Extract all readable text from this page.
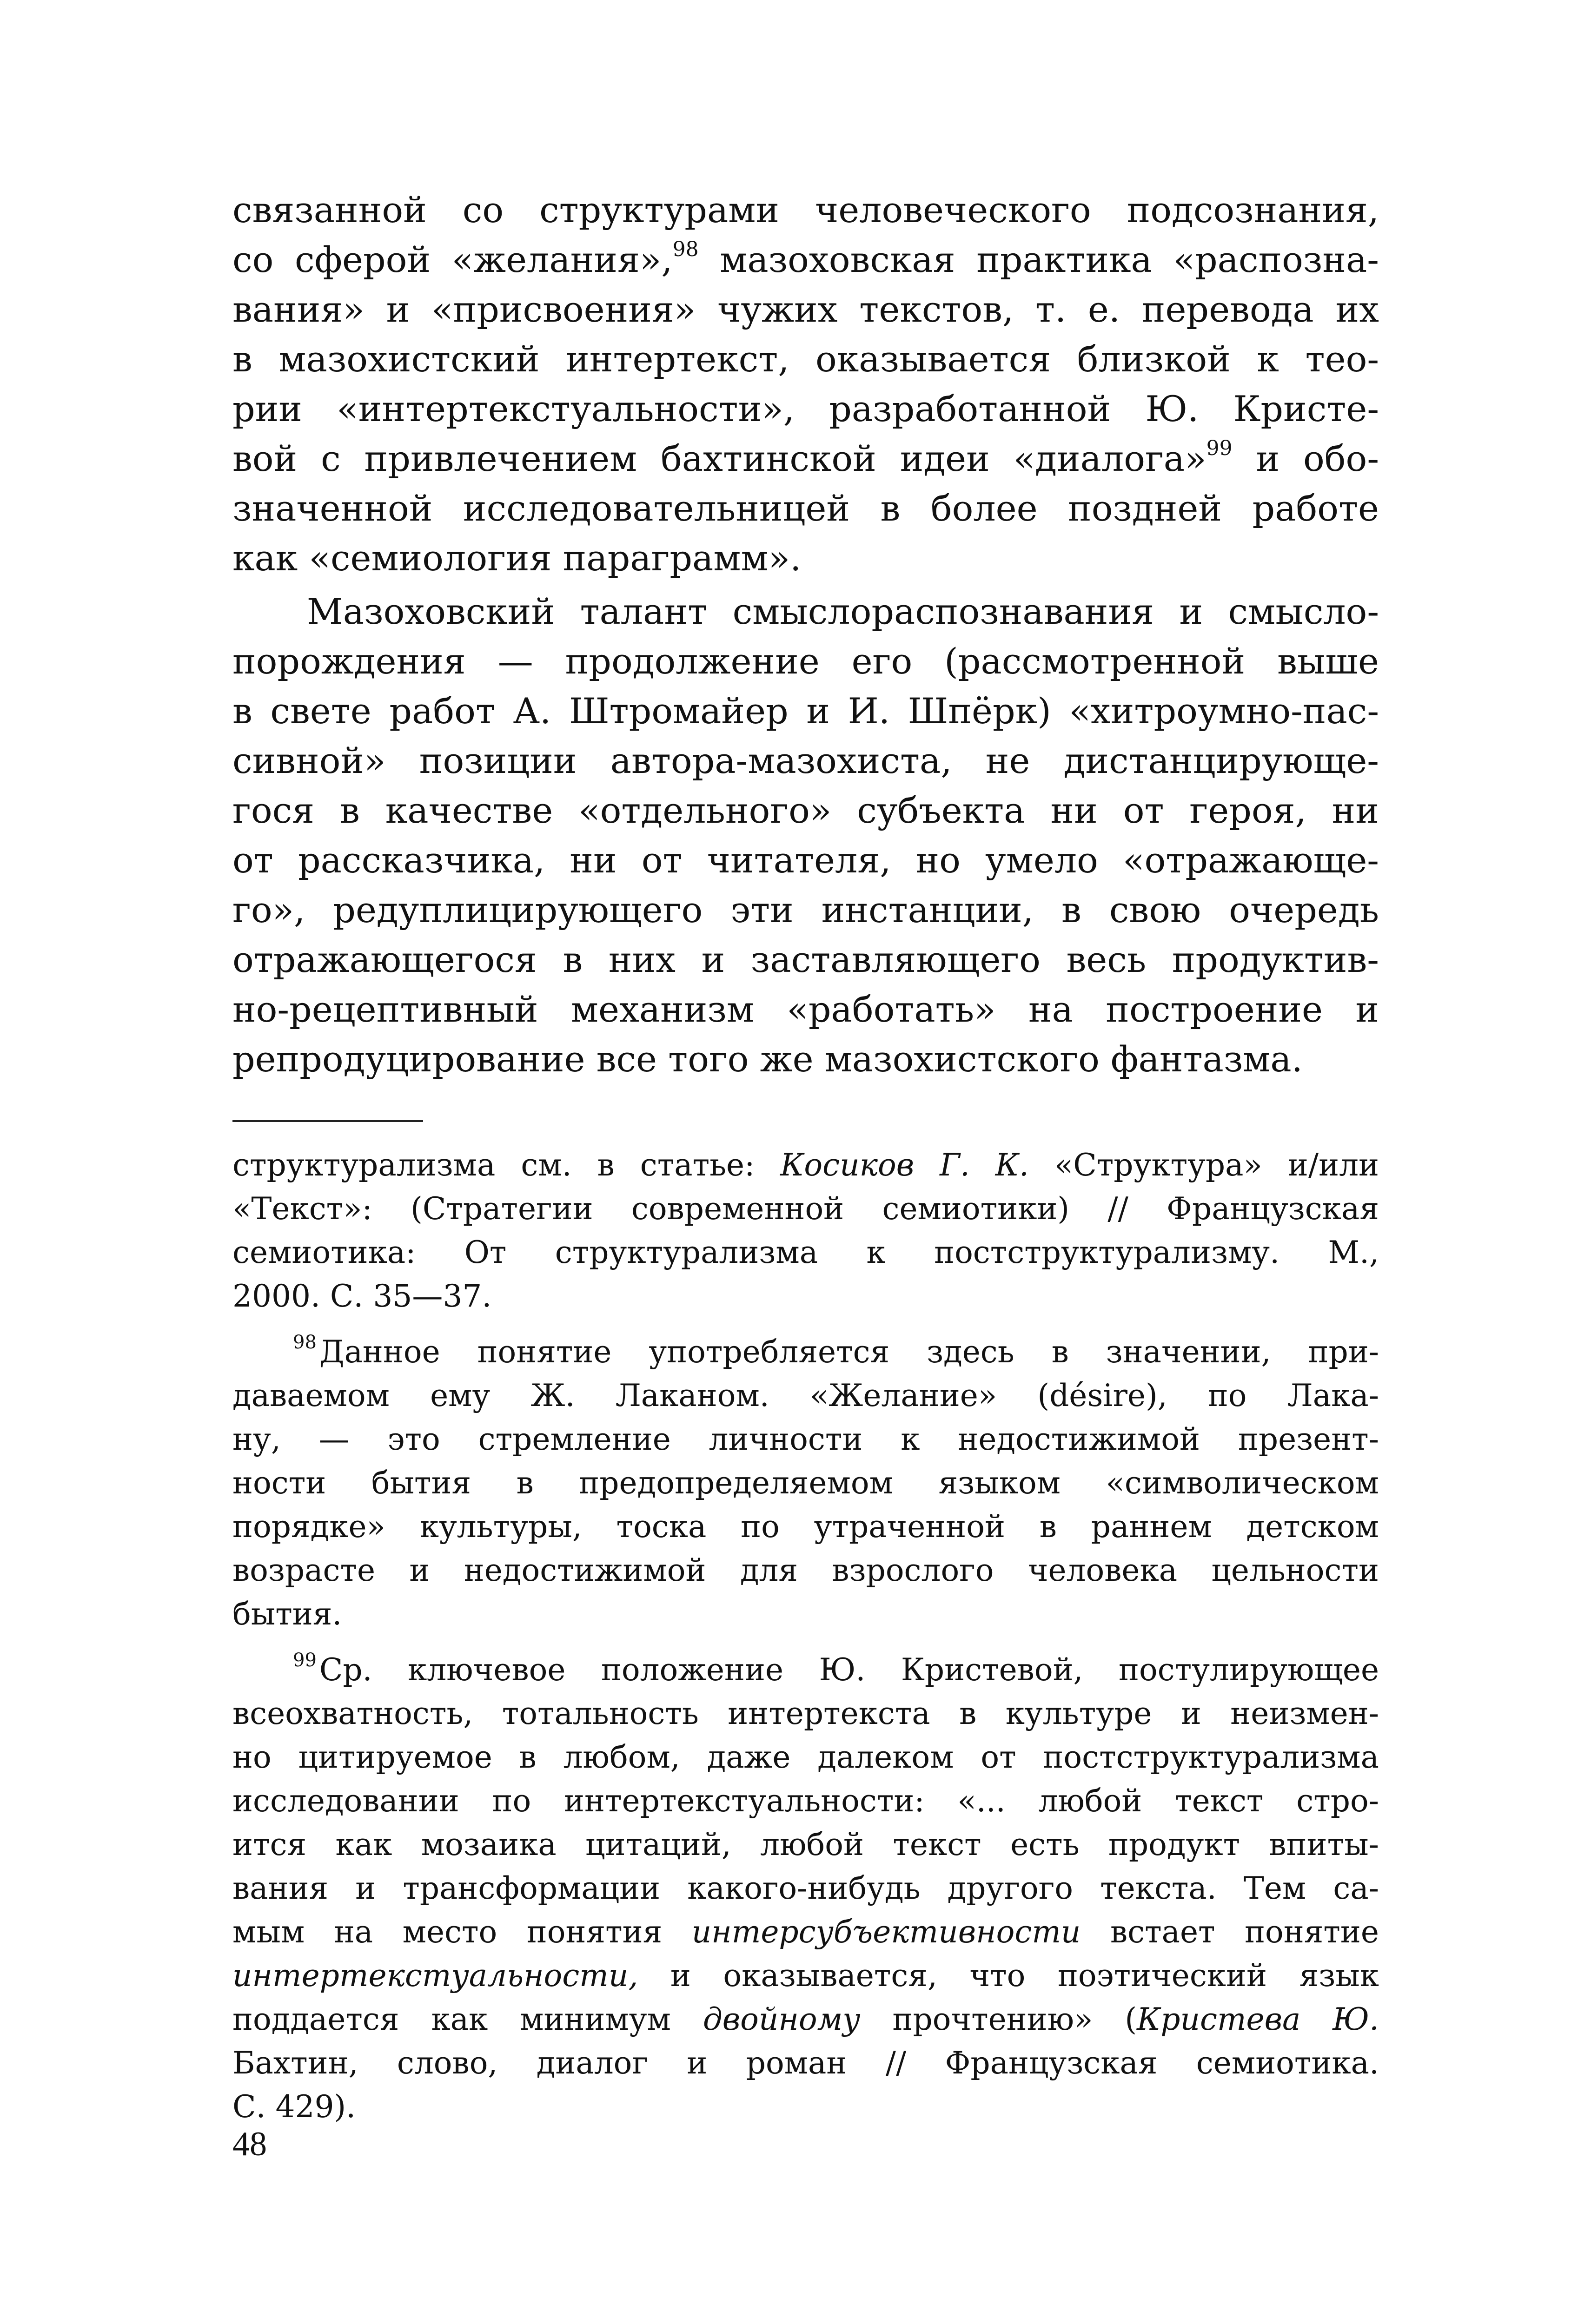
связанной со структурами человеческого подсознания,
со сферой «желания»,$^{98}$ мазоховская практика «распозна-
вания» и «присвоения» чужих текстов, т. е. перевода их
в мазохистский интертекст, оказывается близкой к тео-
рии «интертекстуальности», разработанной Ю. Кристе-
вой с привлечением бахтинской идеи «диалога»$^{99}$ и обо-
значенной исследовательницей в более поздней работе
как «семиология параграмм».
Мазоховский талант смыслораспознавания и смысло-
порождения — продолжение его (рассмотренной выше
в свете работ А. Штромайер и И. Шпёрк) «хитроумно-пас-
сивной» позиции автора-мазохиста, не дистанцирующе-
гося в качестве «отдельного» субъекта ни от героя, ни
от рассказчика, ни от читателя, но умело «отражающе-
го», редуплицирующего эти инстанции, в свою очередь
отражающегося в них и заставляющего весь продуктив-
но-рецептивный механизм «работать» на построение и
репродуцирование все того же мазохистского фантазма.
структурализма см. в статье: Косиков Г. К. «Структура» и/или
«Текст»: (Стратегии современной семиотики) // Французская
семиотика: От структурализма к постструктурализму. М.,
2000. С. 35—37.
$^{98}$Данное понятие употребляется здесь в значении, при-
даваемом ему Ж. Лаканом. «Желание» (désire), по Лака-
ну, — это стремление личности к недостижимой презент-
ности бытия в предопределяемом языком «символическом
порядке» культуры, тоска по утраченной в раннем детском
возрасте и недостижимой для взрослого человека цельности
бытия.
$^{99}$Ср. ключевое положение Ю. Кристевой, постулирующее
всеохватность, тотальность интертекста в культуре и неизмен-
но цитируемое в любом, даже далеком от постструктурализма
исследовании по интертекстуальности: «... любой текст стро-
ится как мозаика цитаций, любой текст есть продукт впиты-
вания и трансформации какого-нибудь другого текста. Тем са-
мым на место понятия интерсубъективности встает понятие
интертекстуальности, и оказывается, что поэтический язык
поддается как минимум двойному прочтению» (Кристева Ю.
Бахтин, слово, диалог и роман // Французская семиотика.
С. 429).
48
